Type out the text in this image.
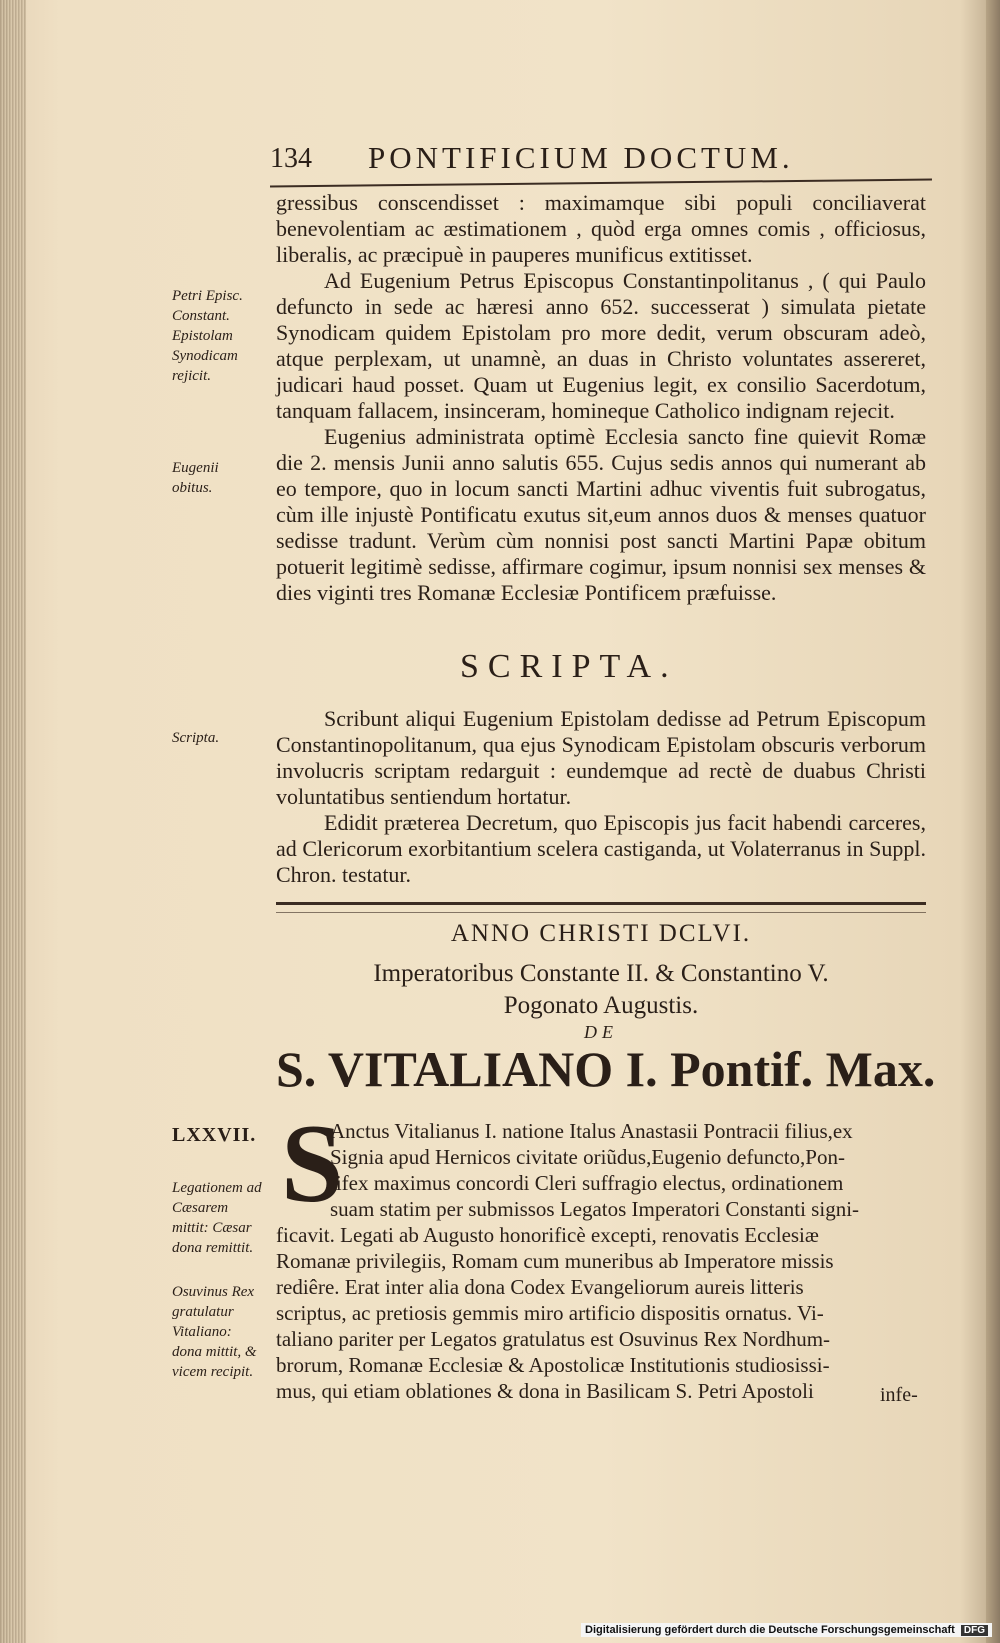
134 PONTIFICIUM DOCTUM.

gressibus conscendisset : maximamque sibi populi conciliaverat benevolentiam ac æstimationem , quòd erga omnes comis , officiosus, liberalis, ac præcipuè in pauperes munificus extitisset.

Ad Eugenium Petrus Episcopus Constantinpolitanus , ( qui Paulo defuncto in sede ac hæresi anno 652. successerat ) simulata pietate Synodicam quidem Epistolam pro more dedit, verum obscuram adeò, atque perplexam, ut unamnè, an duas in Christo voluntates assereret, judicari haud posset. Quam ut Eugenius legit, ex consilio Sacerdotum, tanquam fallacem, insinceram, homineque Catholico indignam rejecit.

Eugenius administrata optimè Ecclesia sancto fine quievit Romæ die 2. mensis Junii anno salutis 655. Cujus sedis annos qui numerant ab eo tempore, quo in locum sancti Martini adhuc viventis fuit subrogatus, cùm ille injustè Pontificatu exutus sit,eum annos duos & menses quatuor sedisse tradunt. Verùm cùm nonnisi post sancti Martini Papæ obitum potuerit legitimè sedisse, affirmare cogimur, ipsum nonnisi sex menses & dies viginti tres Romanæ Ecclesiæ Pontificem præfuisse.

Petri Episc. Constant. Epistolam Synodicam rejicit.
Eugenii obitus.
SCRIPTA.

Scribunt aliqui Eugenium Epistolam dedisse ad Petrum Episcopum Constantinopolitanum, qua ejus Synodicam Epistolam obscuris verborum involucris scriptam redarguit : eundemque ad rectè de duabus Christi voluntatibus sentiendum hortatur.

Edidit præterea Decretum, quo Episcopis jus facit habendi carceres, ad Clericorum exorbitantium scelera castiganda, ut Volaterranus in Suppl. Chron. testatur.

Scripta.
ANNO CHRISTI DCLVI.
Imperatoribus Constante II. & Constantino V.
Pogonato Augustis.
DE
S. VITALIANO I. Pontif. Max.
LXXVII.
Legationem ad Cæsarem mittit: Cæsar dona remittit.
Osuvinus Rex gratulatur Vitaliano: dona mittit, & vicem recipit.
S
Anctus Vitalianus I. natione Italus Anastasii Pontracii filius,ex
Signia apud Hernicos civitate oriũdus,Eugenio defuncto,Pon-
tifex maximus concordi Cleri suffragio electus, ordinationem
suam statim per submissos Legatos Imperatori Constanti signi-
ficavit. Legati ab Augusto honorificè excepti, renovatis Ecclesiæ
Romanæ privilegiis, Romam cum muneribus ab Imperatore missis
rediêre. Erat inter alia dona Codex Evangeliorum aureis litteris
scriptus, ac pretiosis gemmis miro artificio dispositis ornatus. Vi-
taliano pariter per Legatos gratulatus est Osuvinus Rex Nordhum-
brorum, Romanæ Ecclesiæ & Apostolicæ Institutionis studiosissi-
mus, qui etiam oblationes & dona in Basilicam S. Petri Apostoli	infe-
Digitalisierung gefördert durch die Deutsche Forschungsgemeinschaft DFG
